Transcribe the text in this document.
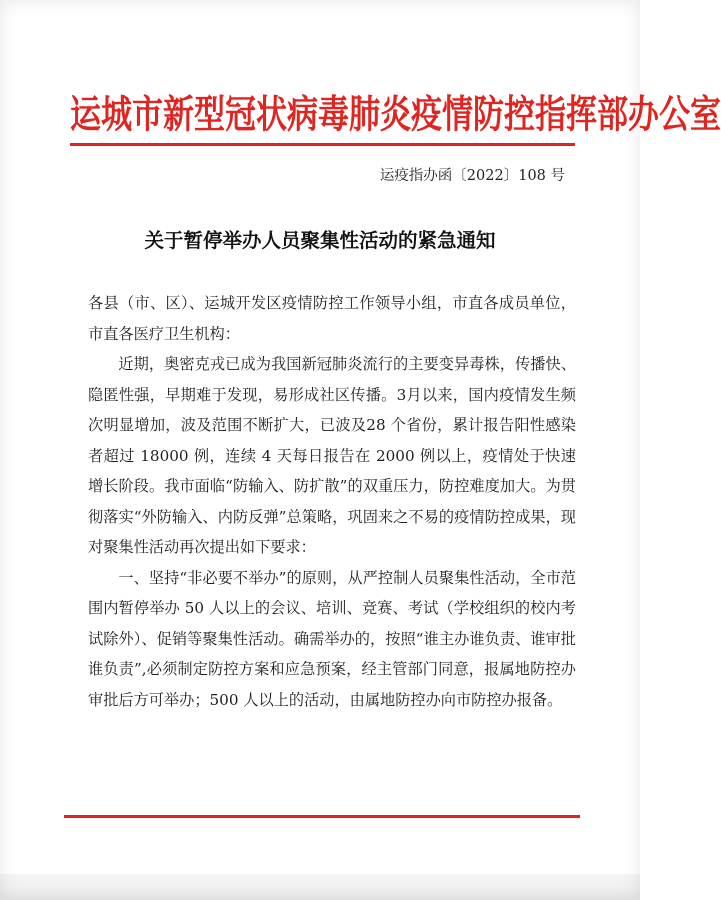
运城市新型冠状病毒肺炎疫情防控指挥部办公室
运疫指办函〔2022〕108 号
关于暂停举办人员聚集性活动的紧急通知

各县（市、区）、运城开发区疫情防控工作领导小组，市直各成员单位，市直各医疗卫生机构：

近期，奥密克戎已成为我国新冠肺炎流行的主要变异毒株，传播快、隐匿性强，早期难于发现，易形成社区传播。3月以来，国内疫情发生频次明显增加，波及范围不断扩大，已波及28 个省份，累计报告阳性感染者超过 18000 例，连续 4 天每日报告在 2000 例以上，疫情处于快速增长阶段。我市面临“防输入、防扩散”的双重压力，防控难度加大。为贯彻落实“外防输入、内防反弹”总策略，巩固来之不易的疫情防控成果，现对聚集性活动再次提出如下要求：

一、坚持“非必要不举办”的原则，从严控制人员聚集性活动，全市范围内暂停举办 50 人以上的会议、培训、竞赛、考试（学校组织的校内考试除外）、促销等聚集性活动。确需举办的，按照“谁主办谁负责、谁审批谁负责”,必须制定防控方案和应急预案，经主管部门同意，报属地防控办审批后方可举办；500 人以上的活动，由属地防控办向市防控办报备。
